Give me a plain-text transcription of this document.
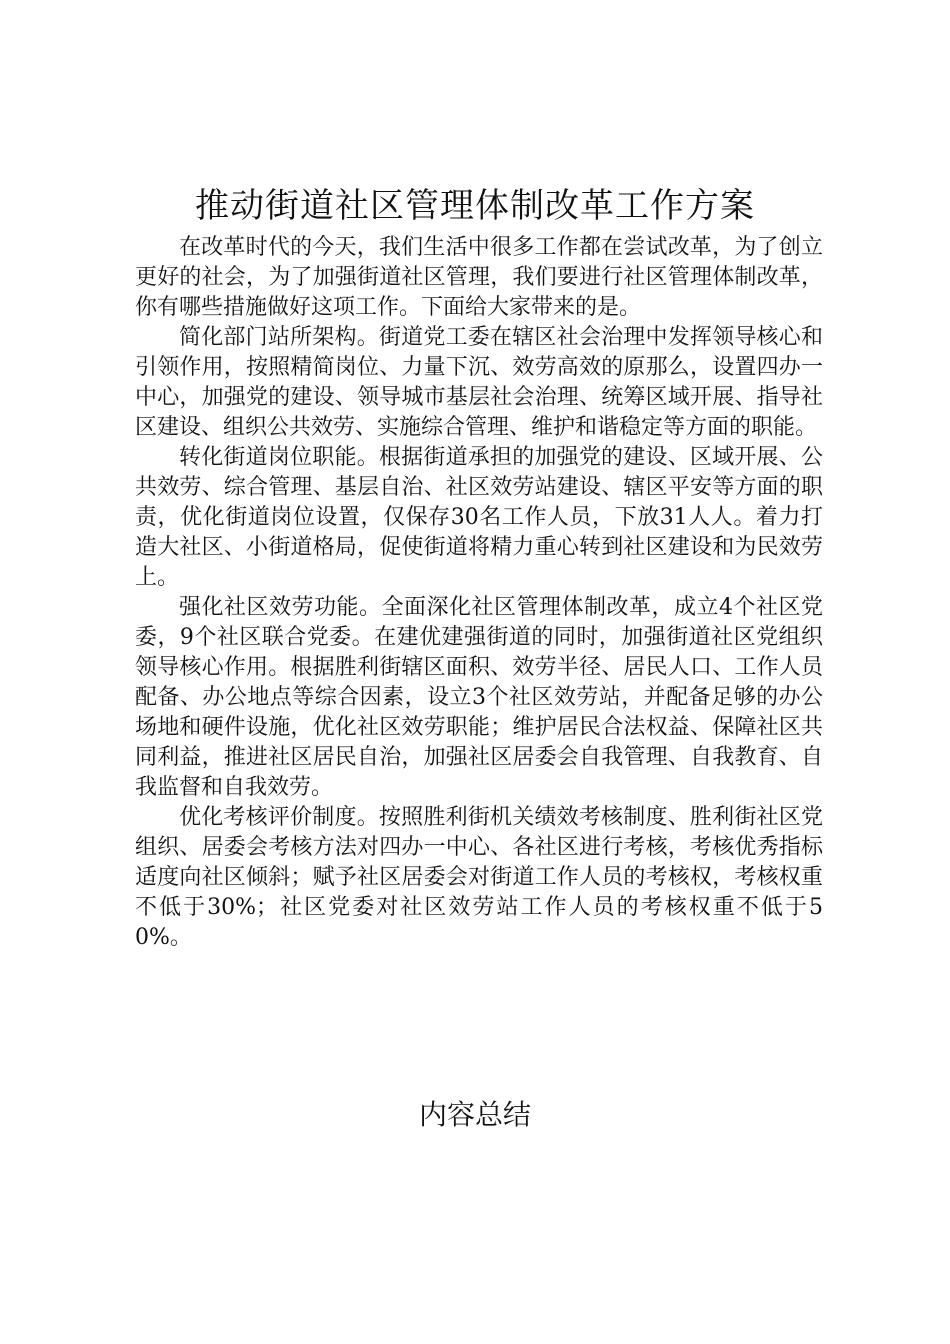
推动街道社区管理体制改革工作方案

在改革时代的今天，我们生活中很多工作都在尝试改革，为了创立更好的社会，为了加强街道社区管理，我们要进行社区管理体制改革，你有哪些措施做好这项工作。下面给大家带来的是。

简化部门站所架构。街道党工委在辖区社会治理中发挥领导核心和引领作用，按照精简岗位、力量下沉、效劳高效的原那么，设置四办一中心，加强党的建设、领导城市基层社会治理、统筹区域开展、指导社区建设、组织公共效劳、实施综合管理、维护和谐稳定等方面的职能。

转化街道岗位职能。根据街道承担的加强党的建设、区域开展、公共效劳、综合管理、基层自治、社区效劳站建设、辖区平安等方面的职责，优化街道岗位设置，仅保存30名工作人员，下放31人人。着力打造大社区、小街道格局，促使街道将精力重心转到社区建设和为民效劳上。

强化社区效劳功能。全面深化社区管理体制改革，成立4个社区党委，9个社区联合党委。在建优建强街道的同时，加强街道社区党组织领导核心作用。根据胜利街辖区面积、效劳半径、居民人口、工作人员配备、办公地点等综合因素，设立3个社区效劳站，并配备足够的办公场地和硬件设施，优化社区效劳职能；维护居民合法权益、保障社区共同利益，推进社区居民自治，加强社区居委会自我管理、自我教育、自我监督和自我效劳。

优化考核评价制度。按照胜利街机关绩效考核制度、胜利街社区党组织、居委会考核方法对四办一中心、各社区进行考核，考核优秀指标适度向社区倾斜；赋予社区居委会对街道工作人员的考核权，考核权重不低于30%；社区党委对社区效劳站工作人员的考核权重不低于50%。

内容总结
